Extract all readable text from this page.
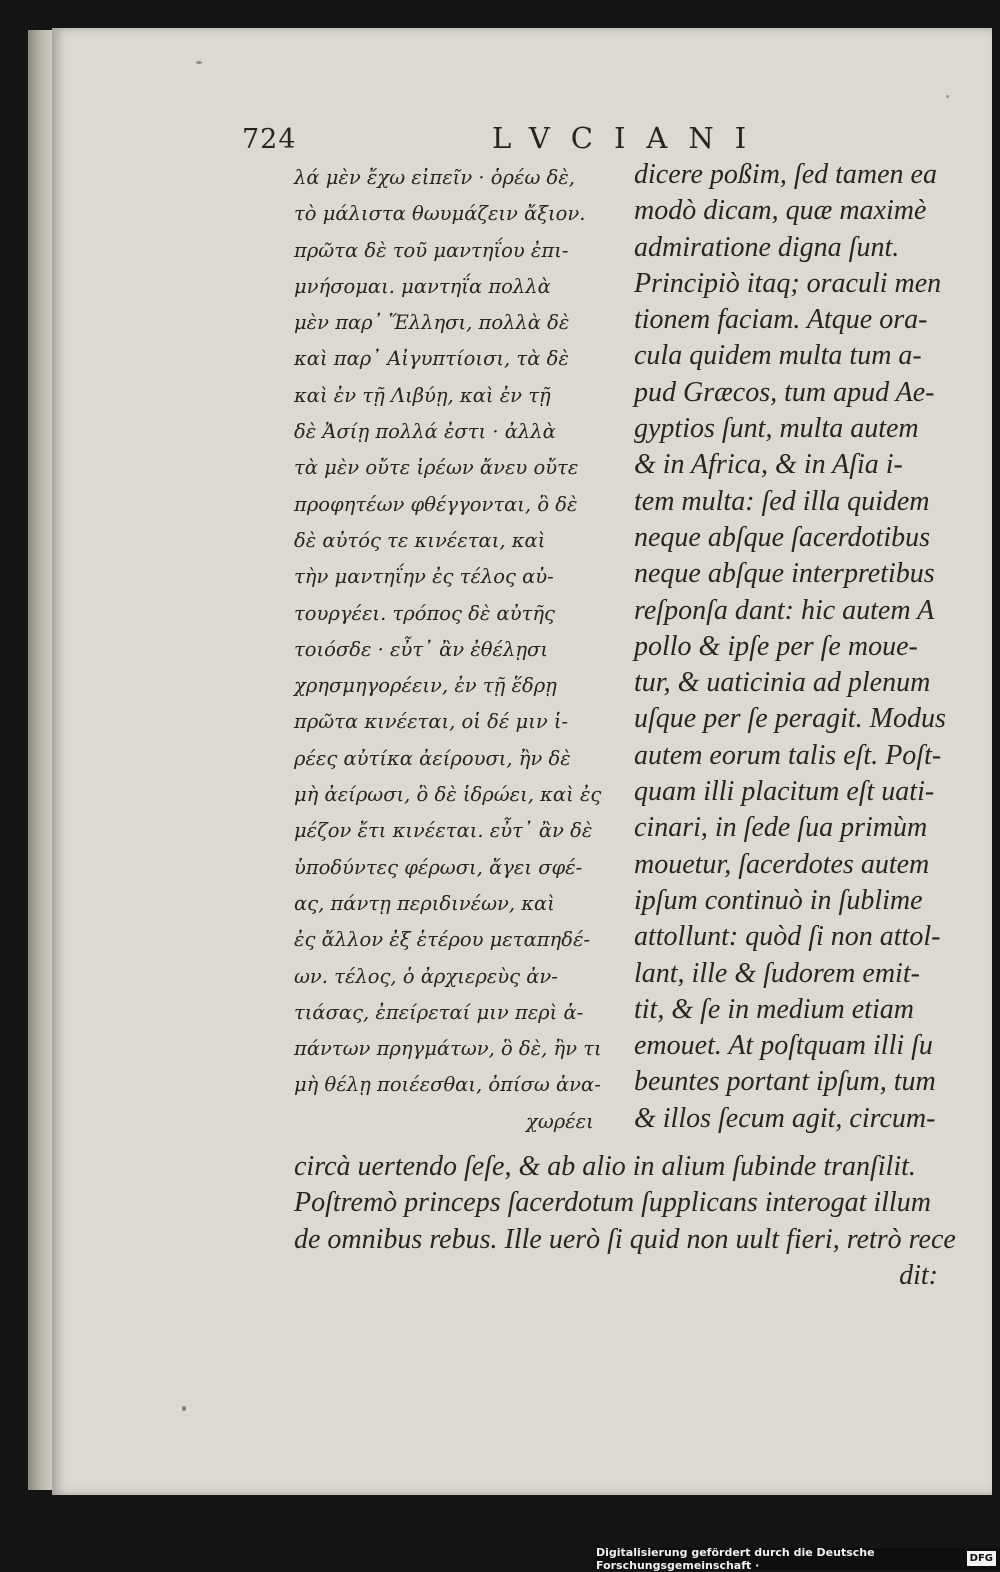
724	LVCIANI
λά μὲν ἔχω εἰπεῖν · ὁρέω δὲ,
τὸ μάλιστα θωυμάζειν ἄξιον.
πρῶτα δὲ τοῦ μαντηΐου ἐπι-
μνήσομαι. μαντηΐα πολλὰ
μὲν παρ᾽ Ἕλλησι, πολλὰ δὲ
καὶ παρ᾽ Αἰγυπτίοισι, τὰ δὲ
καὶ ἐν τῇ Λιβύῃ, καὶ ἐν τῇ
δὲ Ἀσίῃ πολλά ἐστι · ἀλλὰ
τὰ μὲν οὔτε ἱρέων ἄνευ οὔτε
προφητέων φθέγγονται, ὃ δὲ
δὲ αὐτός τε κινέεται, καὶ
τὴν μαντηΐην ἐς τέλος αὐ-
τουργέει. τρόπος δὲ αὐτῆς
τοιόσδε · εὖτ᾽ ἂν ἐθέλῃσι
χρησμηγορέειν, ἐν τῇ ἕδρῃ
πρῶτα κινέεται, οἱ δέ μιν ἱ-
ρέες αὐτίκα ἀείρουσι, ἢν δὲ
μὴ ἀείρωσι, ὃ δὲ ἱδρώει, καὶ ἐς
μέζον ἔτι κινέεται. εὖτ᾽ ἂν δὲ
ὑποδύντες φέρωσι, ἄγει σφέ-
ας, πάντῃ περιδινέων, καὶ
ἐς ἄλλον ἐξ ἑτέρου μεταπηδέ-
ων. τέλος, ὁ ἀρχιερεὺς ἀν-
τιάσας, ἐπείρεταί μιν περὶ ἁ-
πάντων πρηγμάτων, ὃ δὲ, ἢν τι
μὴ θέλῃ ποιέεσθαι, ὀπίσω ἀνα-
χωρέει
dicere poßim, ſed tamen ea
modò dicam, quæ maximè
admiratione digna ſunt.
Principiò itaq; oraculi men
tionem faciam. Atque ora-
cula quidem multa tum a-
pud Græcos, tum apud Ae-
gyptios ſunt, multa autem
& in Africa, & in Aſia i-
tem multa: ſed illa quidem
neque abſque ſacerdotibus
neque abſque interpretibus
reſponſa dant: hic autem A
pollo & ipſe per ſe moue-
tur, & uaticinia ad plenum
uſque per ſe peragit. Modus
autem eorum talis eſt. Poſt-
quam illi placitum eſt uati-
cinari, in ſede ſua primùm
mouetur, ſacerdotes autem
ipſum continuò in ſublime
attollunt: quòd ſi non attol-
lant, ille & ſudorem emit-
tit, & ſe in medium etiam
emouet. At poſtquam illi ſu
beuntes portant ipſum, tum
& illos ſecum agit, circum-
circà uertendo ſeſe, & ab alio in alium ſubinde tranſilit.
Poſtremò princeps ſacerdotum ſupplicans interogat illum
de omnibus rebus. Ille uerò ſi quid non uult fieri, retrò rece
dit:
Digitalisierung gefördert durch die Deutsche Forschungsgemeinschaft ·	DFG
